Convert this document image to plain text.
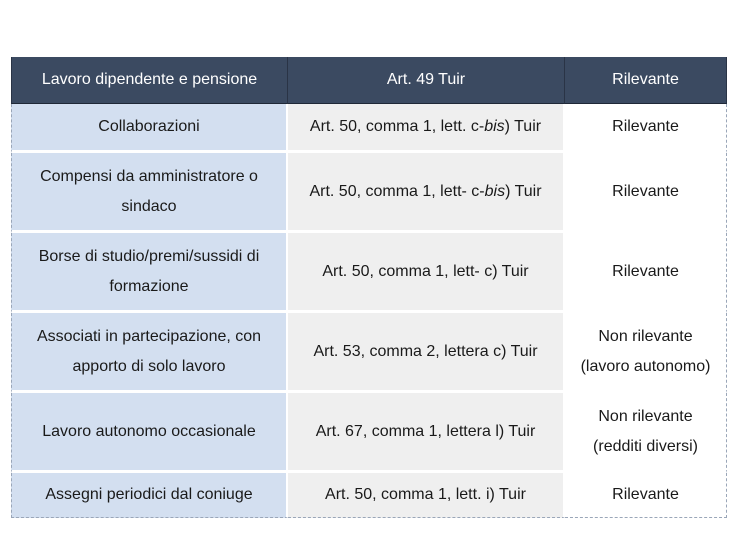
Lavoro dipendente e pensione	Art. 49 Tuir	Rilevante
Collaborazioni	Art. 50, comma 1, lett. c-bis) Tuir	Rilevante
Compensi da amministratore o sindaco	Art. 50, comma 1, lett- c-bis) Tuir	Rilevante
Borse di studio/premi/sussidi di formazione	Art. 50, comma 1, lett- c) Tuir	Rilevante
Associati in partecipazione, con apporto di solo lavoro	Art. 53, comma 2, lettera c) Tuir	Non rilevante
(lavoro autonomo)
Lavoro autonomo occasionale	Art. 67, comma 1, lettera l) Tuir	Non rilevante
(redditi diversi)
Assegni periodici dal coniuge	Art. 50, comma 1, lett. i) Tuir	Rilevante
